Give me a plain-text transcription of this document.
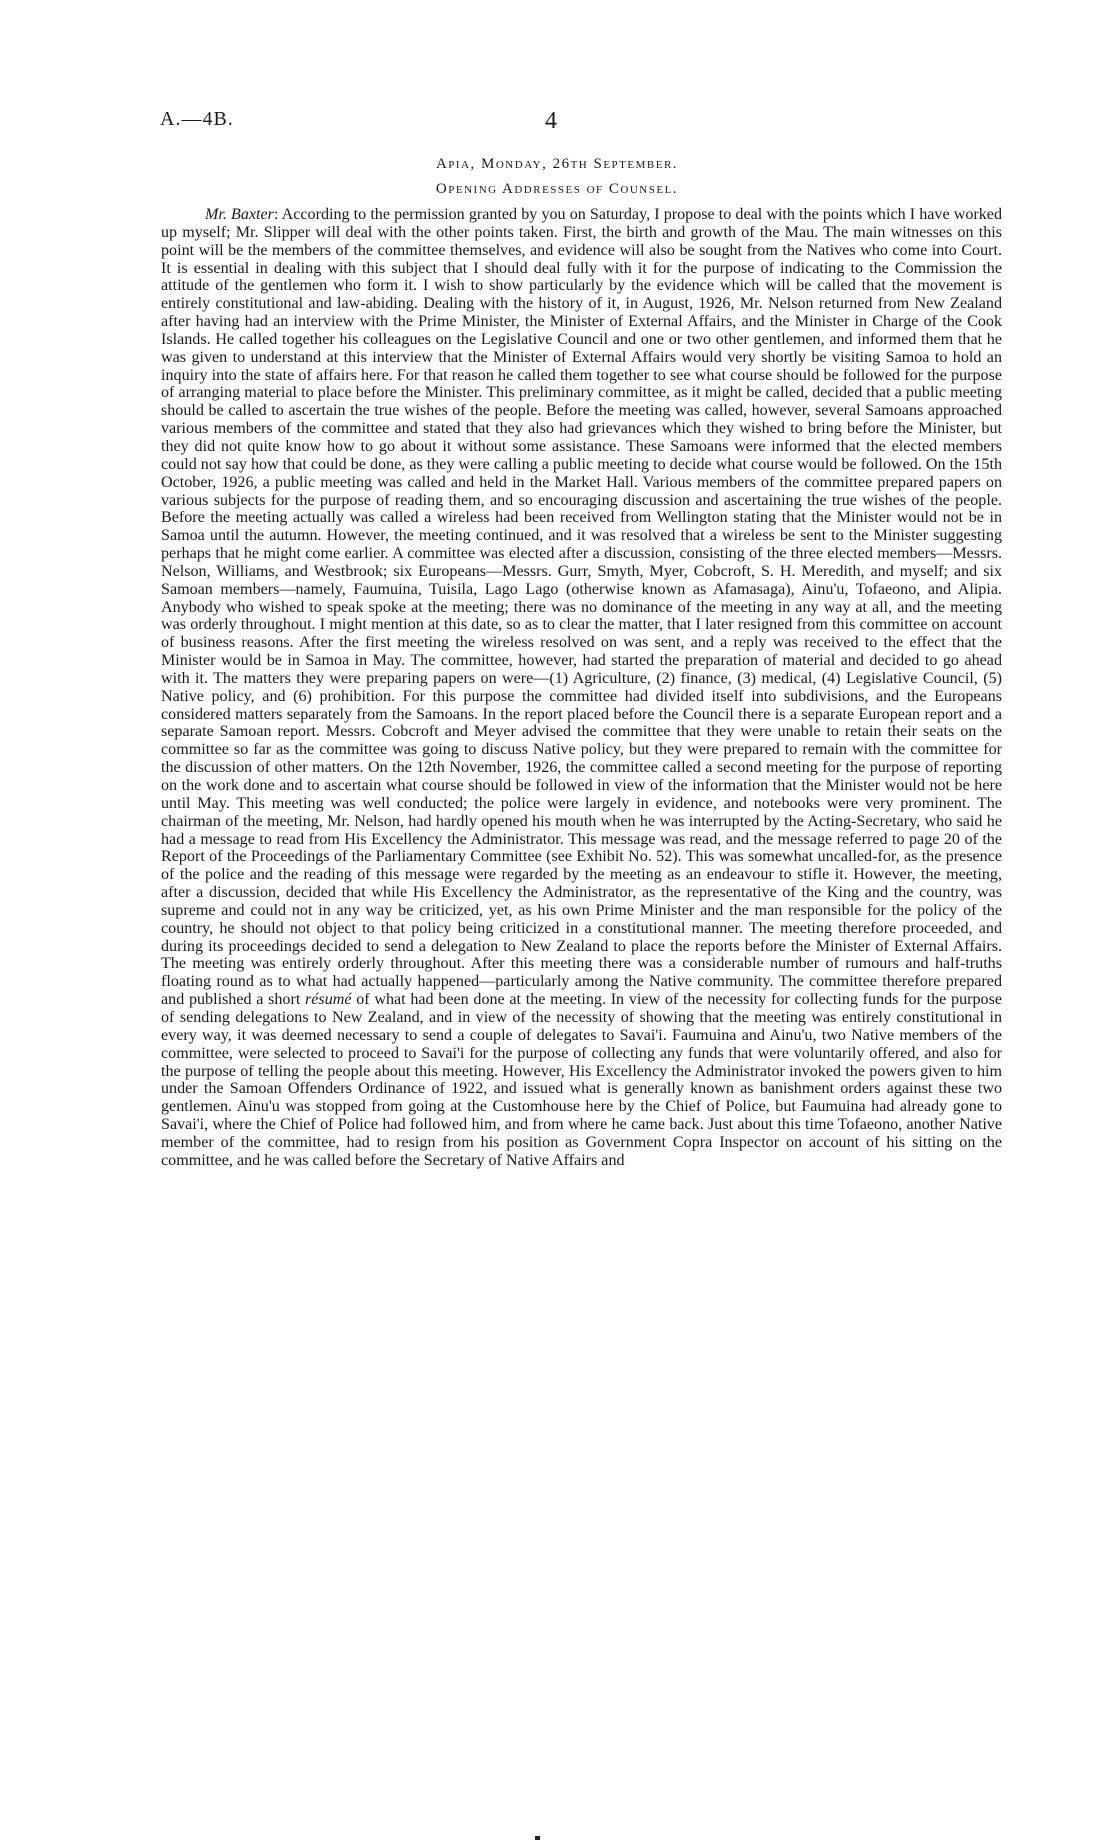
A.—4B.	4
Apia, Monday, 26th September.
Opening Addresses of Counsel.

Mr. Baxter: According to the permission granted by you on Saturday, I propose to deal with the points which I have worked up myself; Mr. Slipper will deal with the other points taken. First, the birth and growth of the Mau. The main witnesses on this point will be the members of the committee themselves, and evidence will also be sought from the Natives who come into Court. It is essential in dealing with this subject that I should deal fully with it for the purpose of indicating to the Commission the attitude of the gentlemen who form it. I wish to show particularly by the evidence which will be called that the movement is entirely constitutional and law-abiding. Dealing with the history of it, in August, 1926, Mr. Nelson returned from New Zealand after having had an interview with the Prime Minister, the Minister of External Affairs, and the Minister in Charge of the Cook Islands. He called together his colleagues on the Legislative Council and one or two other gentlemen, and informed them that he was given to understand at this interview that the Minister of External Affairs would very shortly be visiting Samoa to hold an inquiry into the state of affairs here. For that reason he called them together to see what course should be followed for the purpose of arranging material to place before the Minister. This preliminary committee, as it might be called, decided that a public meeting should be called to ascertain the true wishes of the people. Before the meeting was called, however, several Samoans approached various members of the committee and stated that they also had grievances which they wished to bring before the Minister, but they did not quite know how to go about it without some assistance. These Samoans were informed that the elected members could not say how that could be done, as they were calling a public meeting to decide what course would be followed. On the 15th October, 1926, a public meeting was called and held in the Market Hall. Various members of the committee prepared papers on various subjects for the purpose of reading them, and so encouraging discussion and ascertaining the true wishes of the people. Before the meeting actually was called a wireless had been received from Wellington stating that the Minister would not be in Samoa until the autumn. However, the meeting continued, and it was resolved that a wireless be sent to the Minister suggesting perhaps that he might come earlier. A committee was elected after a discussion, consisting of the three elected members—Messrs. Nelson, Williams, and Westbrook; six Europeans—Messrs. Gurr, Smyth, Myer, Cobcroft, S. H. Meredith, and myself; and six Samoan members—namely, Faumuina, Tuisila, Lago Lago (otherwise known as Afamasaga), Ainu'u, Tofaeono, and Alipia. Anybody who wished to speak spoke at the meeting; there was no dominance of the meeting in any way at all, and the meeting was orderly throughout. I might mention at this date, so as to clear the matter, that I later resigned from this committee on account of business reasons. After the first meeting the wireless resolved on was sent, and a reply was received to the effect that the Minister would be in Samoa in May. The committee, however, had started the preparation of material and decided to go ahead with it. The matters they were preparing papers on were—(1) Agriculture, (2) finance, (3) medical, (4) Legislative Council, (5) Native policy, and (6) prohibition. For this purpose the committee had divided itself into subdivisions, and the Europeans considered matters separately from the Samoans. In the report placed before the Council there is a separate European report and a separate Samoan report. Messrs. Cobcroft and Meyer advised the committee that they were unable to retain their seats on the committee so far as the committee was going to discuss Native policy, but they were prepared to remain with the committee for the discussion of other matters. On the 12th November, 1926, the committee called a second meeting for the purpose of reporting on the work done and to ascertain what course should be followed in view of the information that the Minister would not be here until May. This meeting was well conducted; the police were largely in evidence, and notebooks were very prominent. The chairman of the meeting, Mr. Nelson, had hardly opened his mouth when he was interrupted by the Acting-Secretary, who said he had a message to read from His Excellency the Administrator. This message was read, and the message referred to page 20 of the Report of the Proceedings of the Parliamentary Committee (see Exhibit No. 52). This was somewhat uncalled-for, as the presence of the police and the reading of this message were regarded by the meeting as an endeavour to stifle it. However, the meeting, after a discussion, decided that while His Excellency the Administrator, as the representative of the King and the country, was supreme and could not in any way be criticized, yet, as his own Prime Minister and the man responsible for the policy of the country, he should not object to that policy being criticized in a constitutional manner. The meeting therefore proceeded, and during its proceedings decided to send a delegation to New Zealand to place the reports before the Minister of External Affairs. The meeting was entirely orderly throughout. After this meeting there was a considerable number of rumours and half-truths floating round as to what had actually happened—particularly among the Native community. The committee therefore prepared and published a short résumé of what had been done at the meeting. In view of the necessity for collecting funds for the purpose of sending delegations to New Zealand, and in view of the necessity of showing that the meeting was entirely constitutional in every way, it was deemed necessary to send a couple of delegates to Savai'i. Faumuina and Ainu'u, two Native members of the committee, were selected to proceed to Savai'i for the purpose of collecting any funds that were voluntarily offered, and also for the purpose of telling the people about this meeting. However, His Excellency the Administrator invoked the powers given to him under the Samoan Offenders Ordinance of 1922, and issued what is generally known as banishment orders against these two gentlemen. Ainu'u was stopped from going at the Customhouse here by the Chief of Police, but Faumuina had already gone to Savai'i, where the Chief of Police had followed him, and from where he came back. Just about this time Tofaeono, another Native member of the committee, had to resign from his position as Government Copra Inspector on account of his sitting on the committee, and he was called before the Secretary of Native Affairs and
